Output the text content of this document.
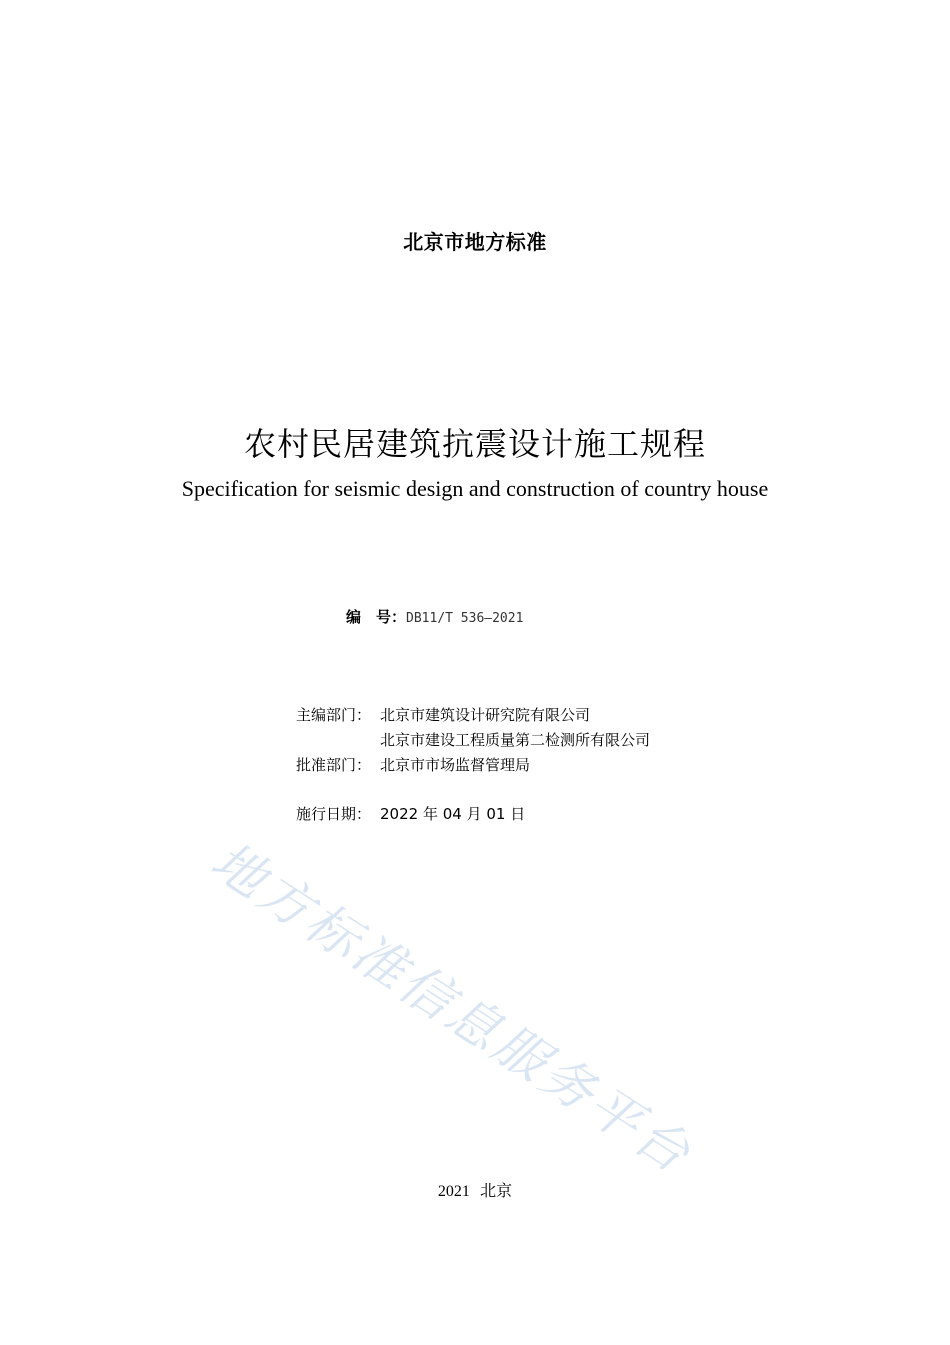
地方标准信息服务平台
北京市地方标准
农村民居建筑抗震设计施工规程
Specification for seismic design and construction of country house
编　号：DB11/T 536—2021
主编部门： 北京市建筑设计研究院有限公司
北京市建设工程质量第二检测所有限公司
批准部门： 北京市市场监督管理局
施行日期： 2022 年 04 月 01 日
2021 北京
